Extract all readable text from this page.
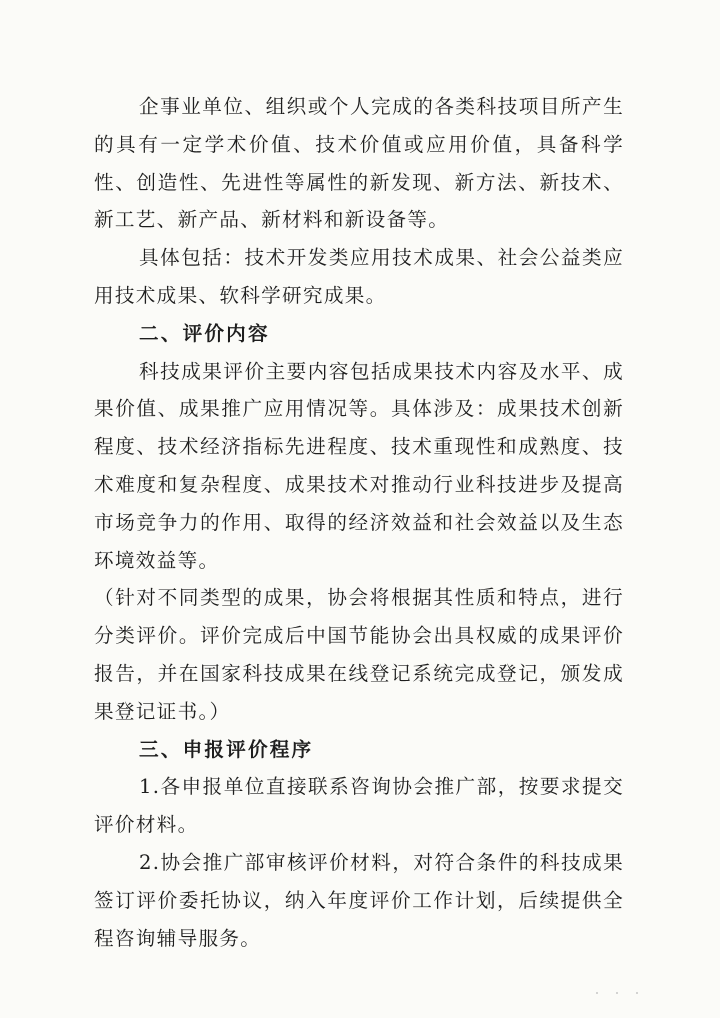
企事业单位、组织或个人完成的各类科技项目所产生的具有一定学术价值、技术价值或应用价值，具备科学性、创造性、先进性等属性的新发现、新方法、新技术、新工艺、新产品、新材料和新设备等。

具体包括：技术开发类应用技术成果、社会公益类应用技术成果、软科学研究成果。

二、评价内容

科技成果评价主要内容包括成果技术内容及水平、成果价值、成果推广应用情况等。具体涉及：成果技术创新程度、技术经济指标先进程度、技术重现性和成熟度、技术难度和复杂程度、成果技术对推动行业科技进步及提高市场竞争力的作用、取得的经济效益和社会效益以及生态环境效益等。

（针对不同类型的成果，协会将根据其性质和特点，进行分类评价。评价完成后中国节能协会出具权威的成果评价报告，并在国家科技成果在线登记系统完成登记，颁发成果登记证书。）

三、申报评价程序

1.各申报单位直接联系咨询协会推广部，按要求提交评价材料。

2.协会推广部审核评价材料，对符合条件的科技成果签订评价委托协议，纳入年度评价工作计划，后续提供全程咨询辅导服务。
